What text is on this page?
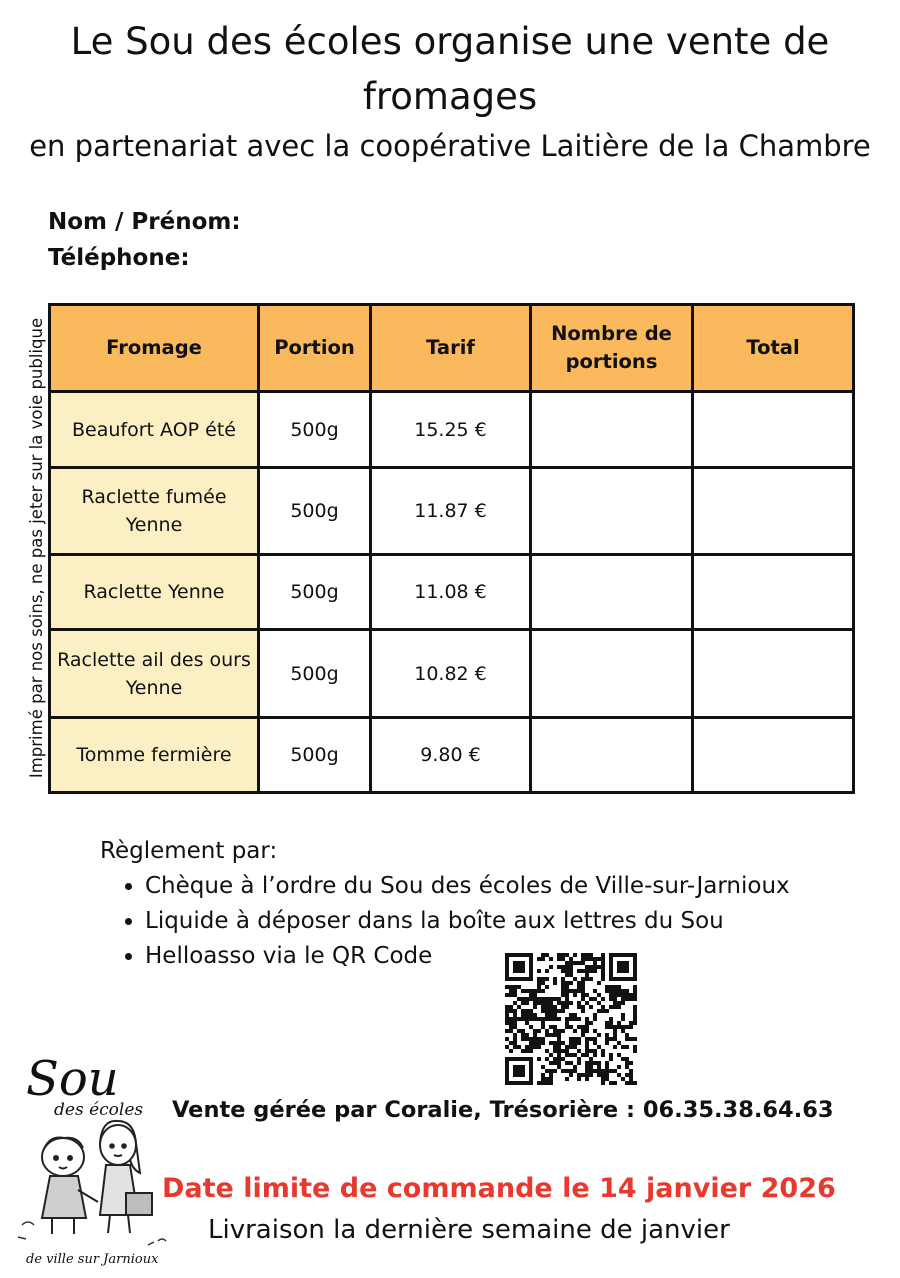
Le Sou des écoles organise une vente de fromages
en partenariat avec la coopérative Laitière de la Chambre
Nom / Prénom:
Téléphone:
Imprimé par nos soins, ne pas jeter sur la voie publique	Fromage	Portion	Tarif	Nombre de portions	Total
Beaufort AOP été	500g	15.25 €		
Raclette fumée Yenne	500g	11.87 €		
Raclette Yenne	500g	11.08 €		
Raclette ail des ours Yenne	500g	10.82 €		
Tomme fermière	500g	9.80 €		
Règlement par:
• Chèque à l’ordre du Sou des écoles de Ville-sur-Jarnioux
• Liquide à déposer dans la boîte aux lettres du Sou
• Helloasso via le QR Code
Sou
des écoles
de ville sur Jarnioux
Vente gérée par Coralie, Trésorière : 06.35.38.64.63
Date limite de commande le 14 janvier 2026
Livraison la dernière semaine de janvier
